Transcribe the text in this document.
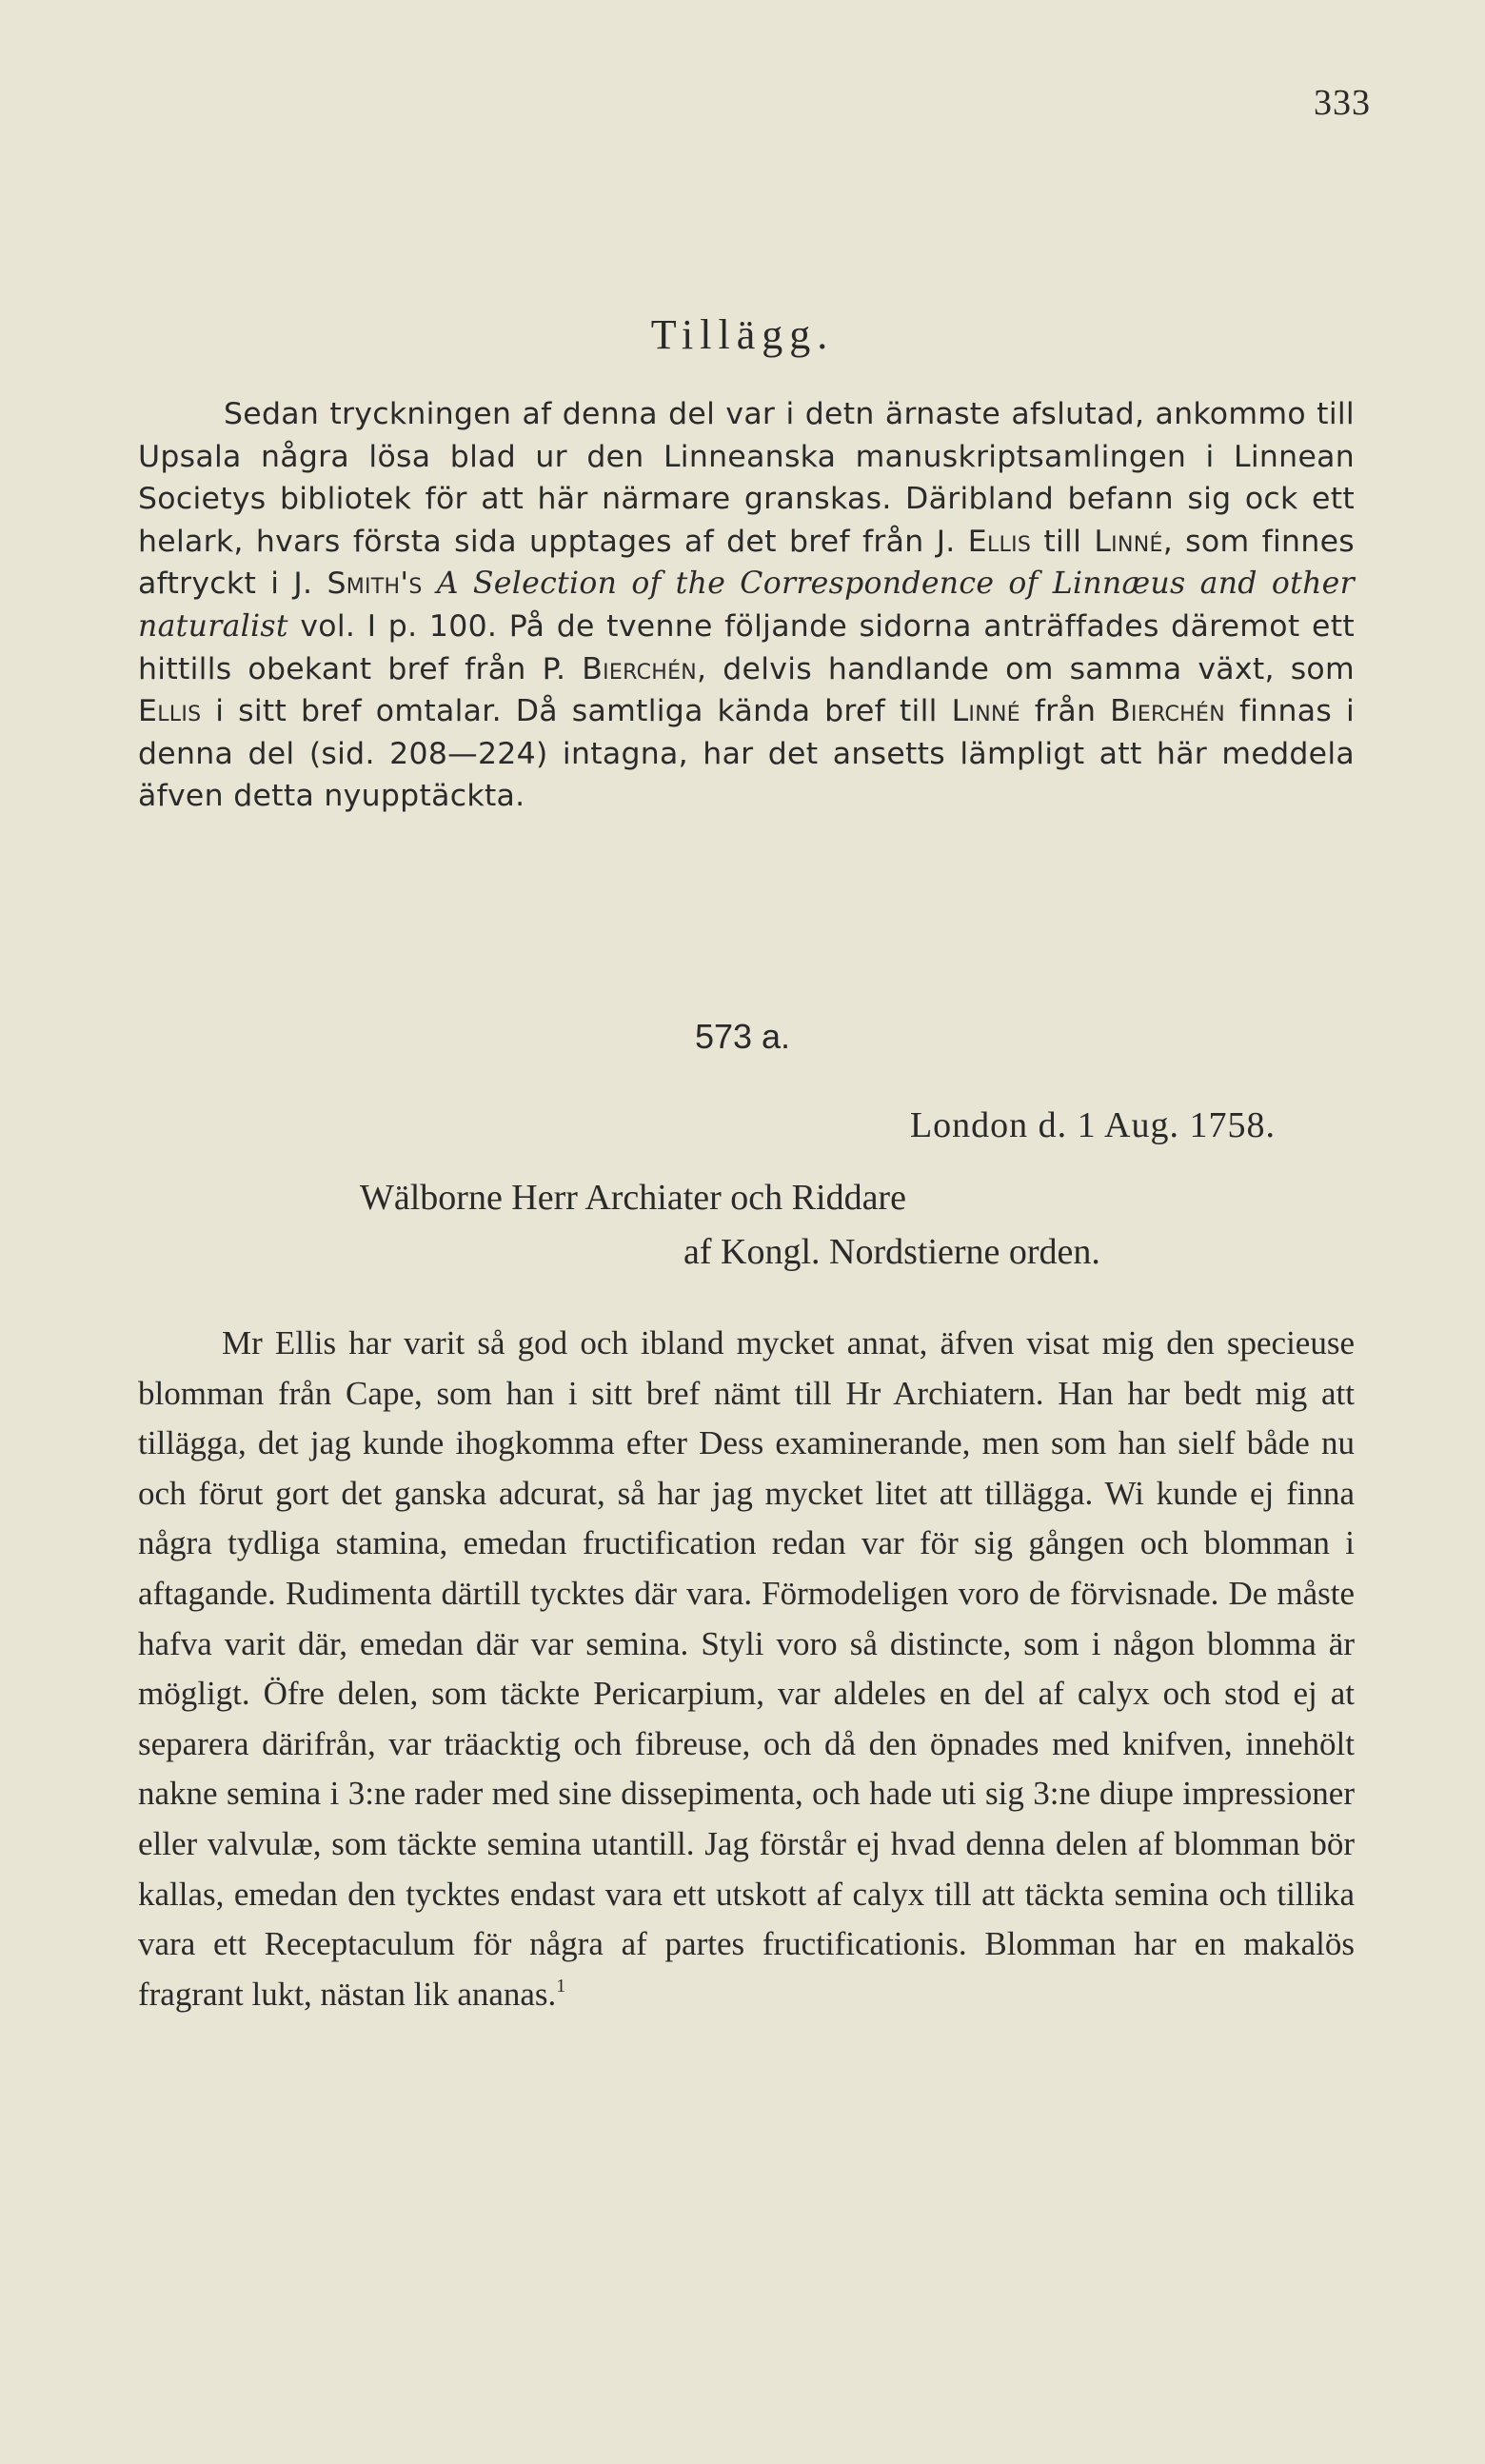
333
Tillägg.

Sedan tryckningen af denna del var i detn ärnaste afslutad, ankommo till Upsala några lösa blad ur den Linneanska manuskriptsamlingen i Linnean Societys bibliotek för att här närmare granskas. Däribland befann sig ock ett helark, hvars första sida upptages af det bref från J. Ellis till Linné, som finnes aftryckt i J. Smith's A Selection of the Correspondence of Linnæus and other naturalist vol. I p. 100. På de tvenne följande sidorna anträffades däremot ett hittills obekant bref från P. Bierchén, delvis handlande om samma växt, som Ellis i sitt bref omtalar. Då samtliga kända bref till Linné från Bierchén finnas i denna del (sid. 208—224) intagna, har det ansetts lämpligt att här meddela äfven detta nyupptäckta.

573 a.
London d. 1 Aug. 1758.
Wälborne Herr Archiater och Riddare
af Kongl. Nordstierne orden.

Mr Ellis har varit så god och ibland mycket annat, äfven visat mig den specieuse blomman från Cape, som han i sitt bref nämt till Hr Archiatern. Han har bedt mig att tillägga, det jag kunde ihogkomma efter Dess examinerande, men som han sielf både nu och förut gort det ganska adcurat, så har jag mycket litet att tillägga. Wi kunde ej finna några tydliga stamina, emedan fructification redan var för sig gången och blomman i aftagande. Rudimenta därtill tycktes där vara. Förmodeligen voro de förvisnade. De måste hafva varit där, emedan där var semina. Styli voro så distincte, som i någon blomma är mögligt. Öfre delen, som täckte Pericarpium, var aldeles en del af calyx och stod ej at separera därifrån, var träacktig och fibreuse, och då den öpnades med knifven, innehölt nakne semina i 3:ne rader med sine dissepimenta, och hade uti sig 3:ne diupe impressioner eller valvulæ, som täckte semina utantill. Jag förstår ej hvad denna delen af blomman bör kallas, emedan den tycktes endast vara ett utskott af calyx till att täckta semina och tillika vara ett Receptaculum för några af partes fructificationis. Blomman har en makalös fragrant lukt, nästan lik ananas.$^1$
